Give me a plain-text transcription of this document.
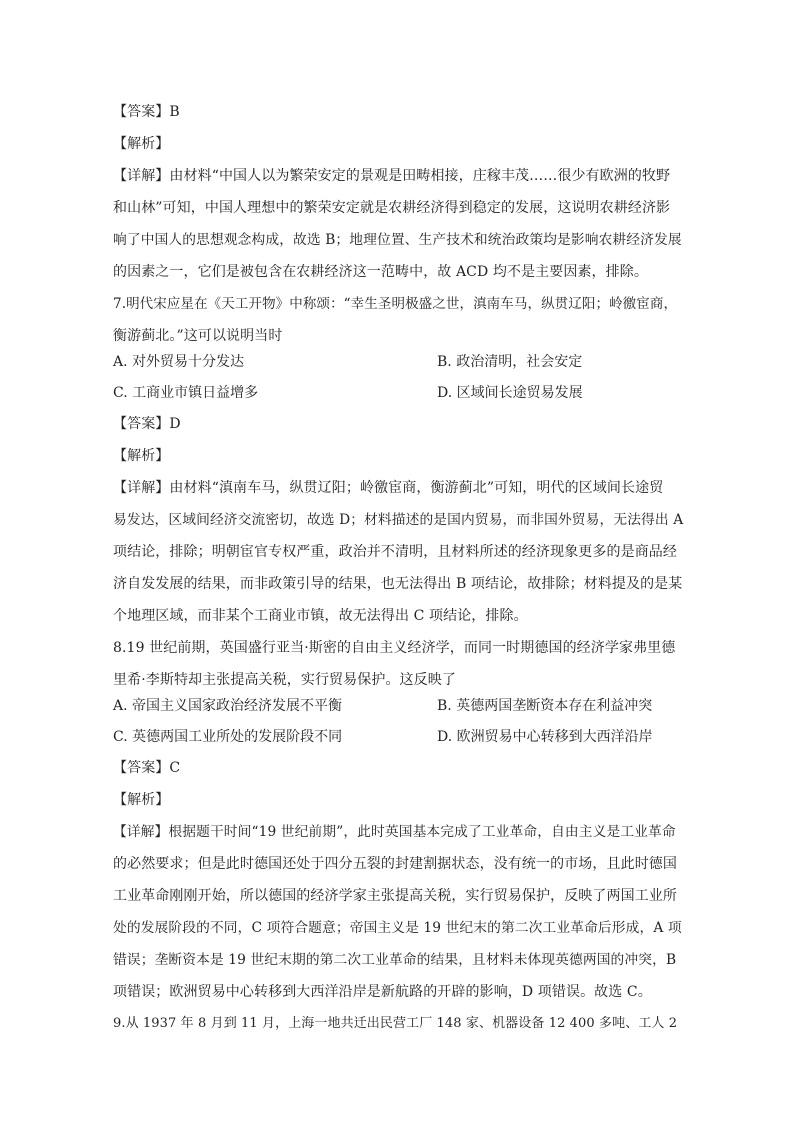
【答案】B
【解析】
【详解】由材料“中国人以为繁荣安定的景观是田畴相接，庄稼丰茂……很少有欧洲的牧野
和山林”可知，中国人理想中的繁荣安定就是农耕经济得到稳定的发展，这说明农耕经济影
响了中国人的思想观念构成，故选 B；地理位置、生产技术和统治政策均是影响农耕经济发展
的因素之一，它们是被包含在农耕经济这一范畴中，故 ACD 均不是主要因素，排除。
7.明代宋应星在《天工开物》中称颂：“幸生圣明极盛之世，滇南车马，纵贯辽阳；岭徼宦商，
衡游蓟北。”这可以说明当时
A. 对外贸易十分发达	B. 政治清明，社会安定
C. 工商业市镇日益增多	D. 区域间长途贸易发展
【答案】D
【解析】
【详解】由材料“滇南车马，纵贯辽阳；岭徼宦商，衡游蓟北”可知，明代的区域间长途贸
易发达，区域间经济交流密切，故选 D；材料描述的是国内贸易，而非国外贸易，无法得出 A
项结论，排除；明朝宦官专权严重，政治并不清明，且材料所述的经济现象更多的是商品经
济自发发展的结果，而非政策引导的结果，也无法得出 B 项结论，故排除；材料提及的是某
个地理区域，而非某个工商业市镇，故无法得出 C 项结论，排除。
8.19 世纪前期，英国盛行亚当·斯密的自由主义经济学，而同一时期德国的经济学家弗里德
里希·李斯特却主张提高关税，实行贸易保护。这反映了
A. 帝国主义国家政治经济发展不平衡	B. 英德两国垄断资本存在利益冲突
C. 英德两国工业所处的发展阶段不同	D. 欧洲贸易中心转移到大西洋沿岸
【答案】C
【解析】
【详解】根据题干时间“19 世纪前期”，此时英国基本完成了工业革命，自由主义是工业革命
的必然要求；但是此时德国还处于四分五裂的封建割据状态，没有统一的市场，且此时德国
工业革命刚刚开始，所以德国的经济学家主张提高关税，实行贸易保护，反映了两国工业所
处的发展阶段的不同，C 项符合题意；帝国主义是 19 世纪末的第二次工业革命后形成，A 项
错误；垄断资本是 19 世纪末期的第二次工业革命的结果，且材料未体现英德两国的冲突，B
项错误；欧洲贸易中心转移到大西洋沿岸是新航路的开辟的影响，D 项错误。故选 C。
9.从 1937 年 8 月到 11 月，上海一地共迁出民营工厂 148 家、机器设备 12 400 多吨、工人 2
